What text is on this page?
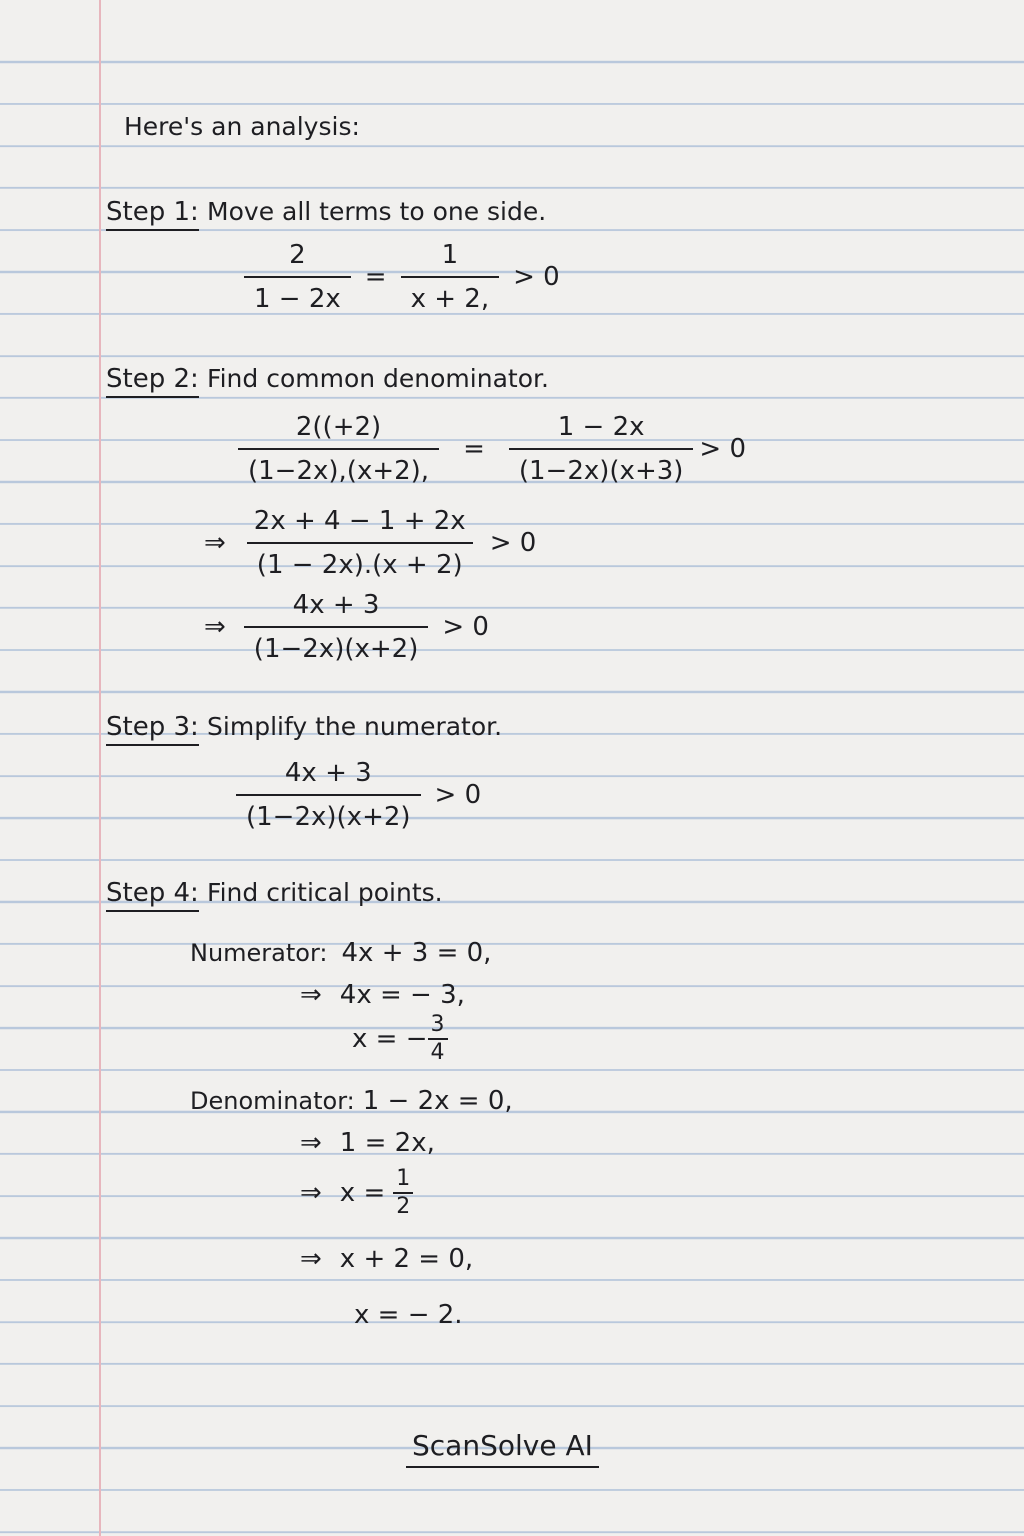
Here's an analysis:
Step 1: Move all terms to one side.
$\frac{2}{1 - 2x} = \frac{1}{x + 2,} > 0$
Step 2: Find common denominator.
$\frac{2((+2)}{(1-2x),(x+2),} = \frac{1 - 2x}{(1-2x)(x+3)} > 0$
⇒ $\frac{2x + 4 - 1 + 2x}{(1 - 2x).(x + 2)} > 0$
⇒ $\frac{4x + 3}{(1-2x)(x+2)} > 0$
Step 3: Simplify the numerator.
$\frac{4x + 3}{(1-2x)(x+2)} > 0$
Step 4: Find critical points.
Numerator: 4x + 3 = 0,
⇒ 4x = − 3,
x = − $\frac{3}{4}$
Denominator: 1 − 2x = 0,
⇒ 1 = 2x,
⇒ $x = \frac{1}{2}$
⇒ x + 2 = 0,
x = − 2.
ScanSolve AI
